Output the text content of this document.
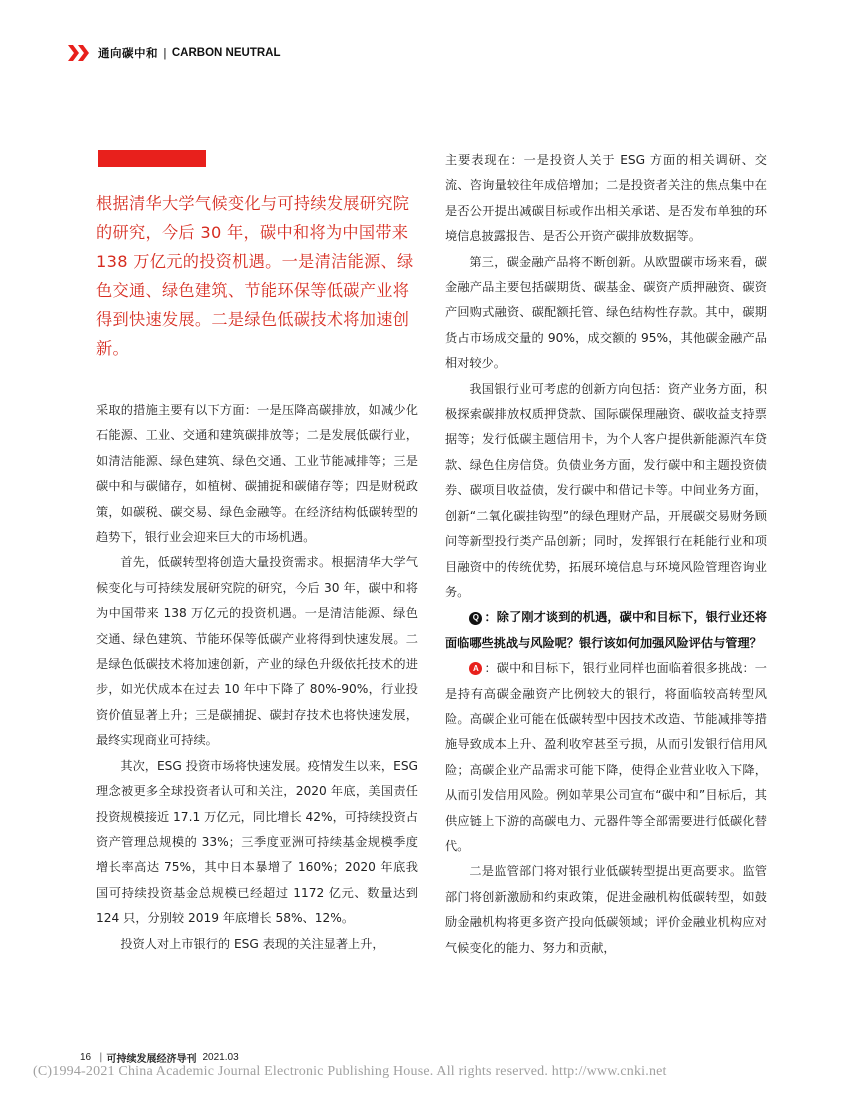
通向碳中和 | CARBON NEUTRAL

根据清华大学气候变化与可持续发展研究院的研究，今后 30 年，碳中和将为中国带来 138 万亿元的投资机遇。一是清洁能源、绿色交通、绿色建筑、节能环保等低碳产业将得到快速发展。二是绿色低碳技术将加速创新。

采取的措施主要有以下方面：一是压降高碳排放，如减少化石能源、工业、交通和建筑碳排放等；二是发展低碳行业，如清洁能源、绿色建筑、绿色交通、工业节能减排等；三是碳中和与碳储存，如植树、碳捕捉和碳储存等；四是财税政策，如碳税、碳交易、绿色金融等。在经济结构低碳转型的趋势下，银行业会迎来巨大的市场机遇。

首先，低碳转型将创造大量投资需求。根据清华大学气候变化与可持续发展研究院的研究，今后 30 年，碳中和将为中国带来 138 万亿元的投资机遇。一是清洁能源、绿色交通、绿色建筑、节能环保等低碳产业将得到快速发展。二是绿色低碳技术将加速创新，产业的绿色升级依托技术的进步，如光伏成本在过去 10 年中下降了 80%-90%，行业投资价值显著上升；三是碳捕捉、碳封存技术也将快速发展，最终实现商业可持续。

其次，ESG 投资市场将快速发展。疫情发生以来，ESG 理念被更多全球投资者认可和关注，2020 年底，美国责任投资规模接近 17.1 万亿元，同比增长 42%，可持续投资占资产管理总规模的 33%；三季度亚洲可持续基金规模季度增长率高达 75%，其中日本暴增了 160%；2020 年底我国可持续投资基金总规模已经超过 1172 亿元、数量达到 124 只，分别较 2019 年底增长 58%、12%。

投资人对上市银行的 ESG 表现的关注显著上升，

主要表现在：一是投资人关于 ESG 方面的相关调研、交流、咨询量较往年成倍增加；二是投资者关注的焦点集中在是否公开提出减碳目标或作出相关承诺、是否发布单独的环境信息披露报告、是否公开资产碳排放数据等。

第三，碳金融产品将不断创新。从欧盟碳市场来看，碳金融产品主要包括碳期货、碳基金、碳资产质押融资、碳资产回购式融资、碳配额托管、绿色结构性存款。其中，碳期货占市场成交量的 90%，成交额的 95%，其他碳金融产品相对较少。

我国银行业可考虑的创新方向包括：资产业务方面，积极探索碳排放权质押贷款、国际碳保理融资、碳收益支持票据等；发行低碳主题信用卡，为个人客户提供新能源汽车贷款、绿色住房信贷。负债业务方面，发行碳中和主题投资债券、碳项目收益债，发行碳中和借记卡等。中间业务方面，创新“二氧化碳挂钩型”的绿色理财产品，开展碳交易财务顾问等新型投行类产品创新；同时，发挥银行在耗能行业和项目融资中的传统优势，拓展环境信息与环境风险管理咨询业务。

Q ：除了刚才谈到的机遇，碳中和目标下，银行业还将面临哪些挑战与风险呢？银行该如何加强风险评估与管理？

A ：碳中和目标下，银行业同样也面临着很多挑战：一是持有高碳金融资产比例较大的银行，将面临较高转型风险。高碳企业可能在低碳转型中因技术改造、节能减排等措施导致成本上升、盈利收窄甚至亏损，从而引发银行信用风险；高碳企业产品需求可能下降，使得企业营业收入下降，从而引发信用风险。例如苹果公司宣布“碳中和”目标后，其供应链上下游的高碳电力、元器件等全部需要进行低碳化替代。

二是监管部门将对银行业低碳转型提出更高要求。监管部门将创新激励和约束政策，促进金融机构低碳转型，如鼓励金融机构将更多资产投向低碳领域；评价金融业机构应对气候变化的能力、努力和贡献，

16 | 可持续发展经济导刊 2021.03
(C)1994-2021 China Academic Journal Electronic Publishing House. All rights reserved. http://www.cnki.net
